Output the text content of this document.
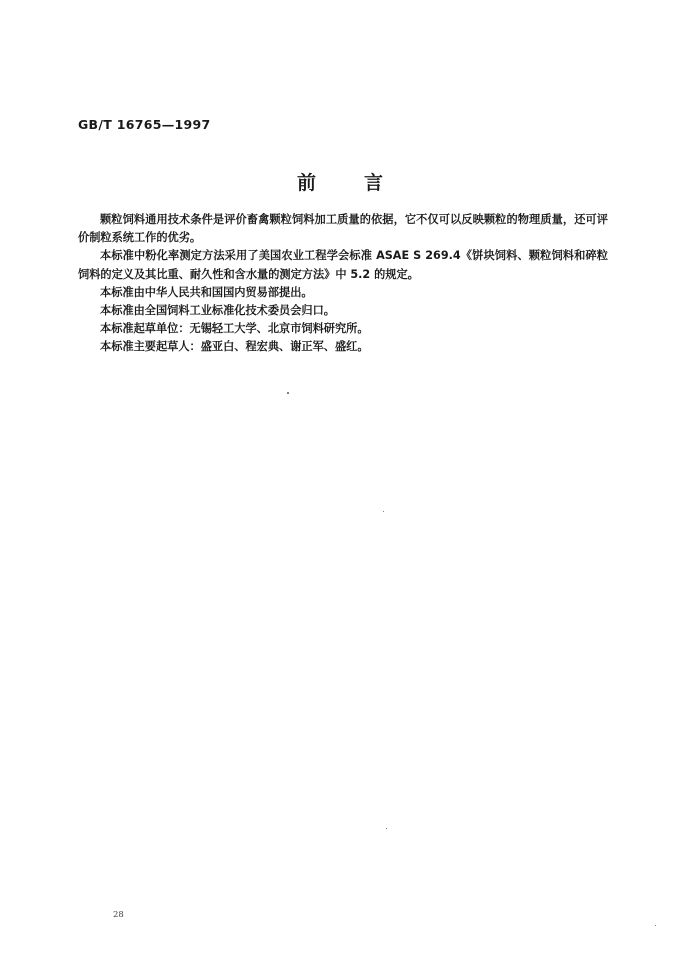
GB/T 16765—1997
前言

颗粒饲料通用技术条件是评价畜禽颗粒饲料加工质量的依据，它不仅可以反映颗粒的物理质量，还可评价制粒系统工作的优劣。

本标准中粉化率测定方法采用了美国农业工程学会标准 ASAE S 269.4《饼块饲料、颗粒饲料和碎粒饲料的定义及其比重、耐久性和含水量的测定方法》中 5.2 的规定。

本标准由中华人民共和国国内贸易部提出。

本标准由全国饲料工业标准化技术委员会归口。

本标准起草单位：无锡轻工大学、北京市饲料研究所。

本标准主要起草人：盛亚白、程宏典、谢正军、盛红。

28
